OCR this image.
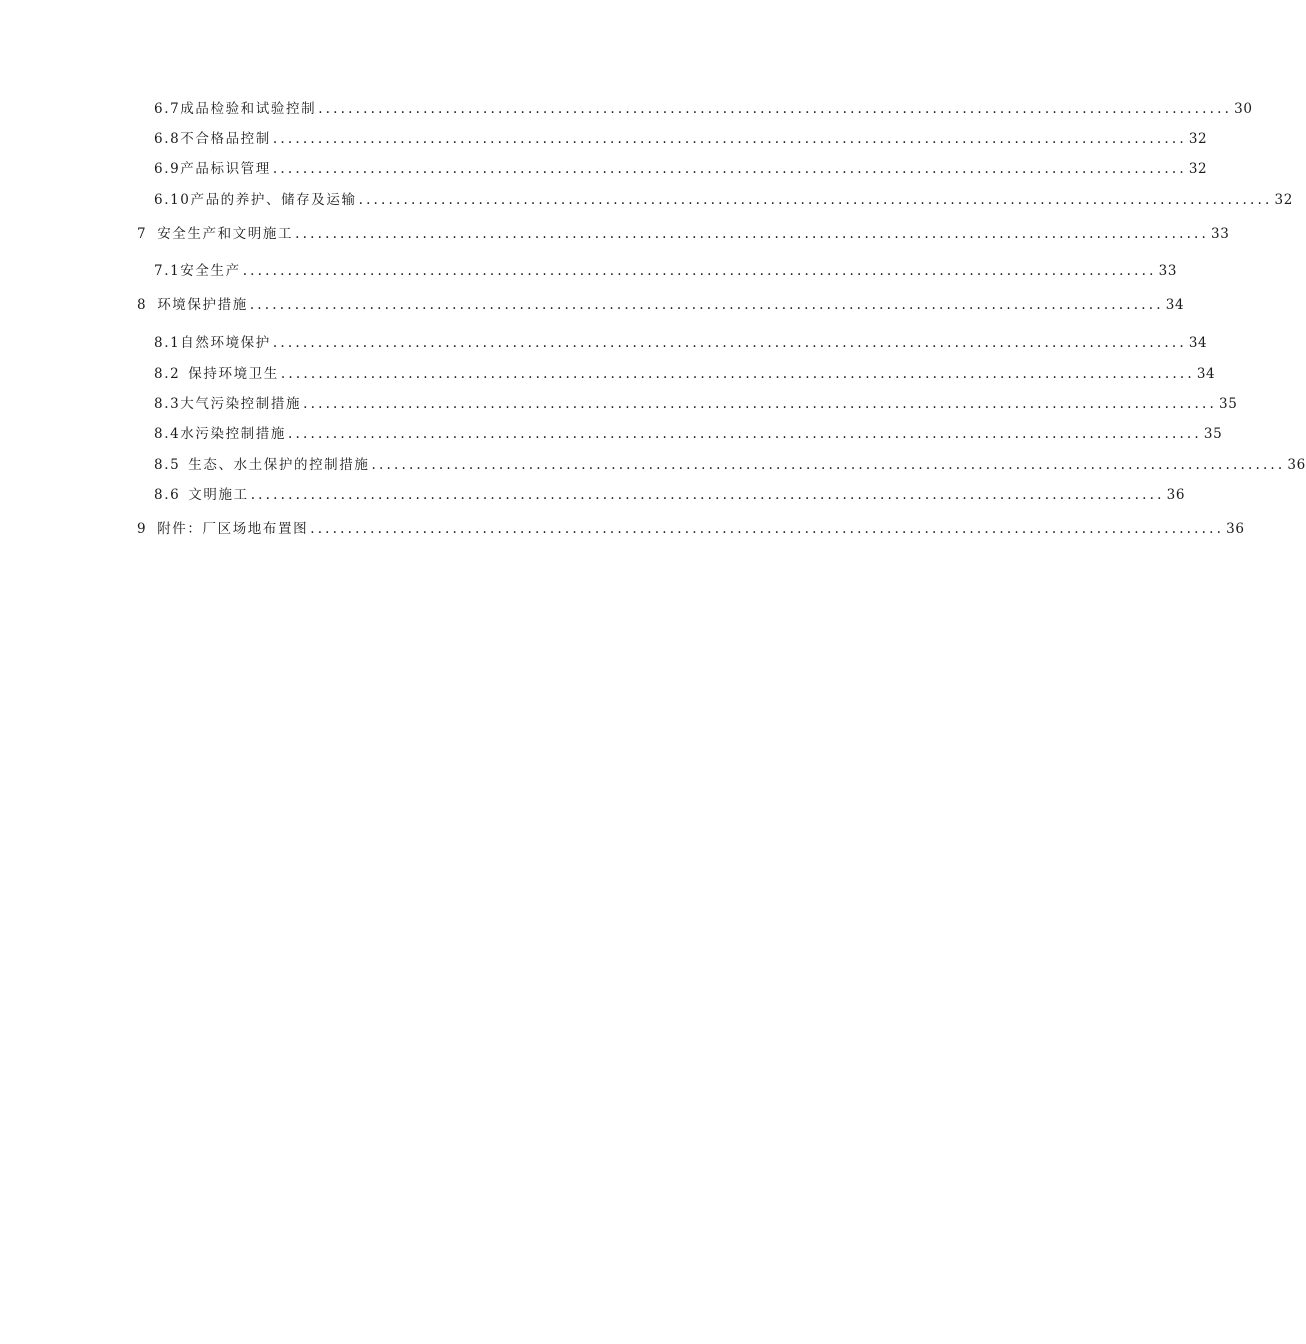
6.7 成品检验和试验控制 .......................................................................................................................... 30
6.8 不合格品控制 .......................................................................................................................... 32
6.9 产品标识管理 .......................................................................................................................... 32
6.10 产品的养护、储存及运输 .......................................................................................................................... 32
7 安全生产和文明施工 .......................................................................................................................... 33
7.1 安全生产 .......................................................................................................................... 33
8 环境保护措施 .......................................................................................................................... 34
8.1 自然环境保护 .......................................................................................................................... 34
8.2 保持环境卫生 .......................................................................................................................... 34
8.3 大气污染控制措施 .......................................................................................................................... 35
8.4 水污染控制措施 .......................................................................................................................... 35
8.5 生态、水土保护的控制措施 .......................................................................................................................... 36
8.6 文明施工 .......................................................................................................................... 36
9 附件：厂区场地布置图 .......................................................................................................................... 36
